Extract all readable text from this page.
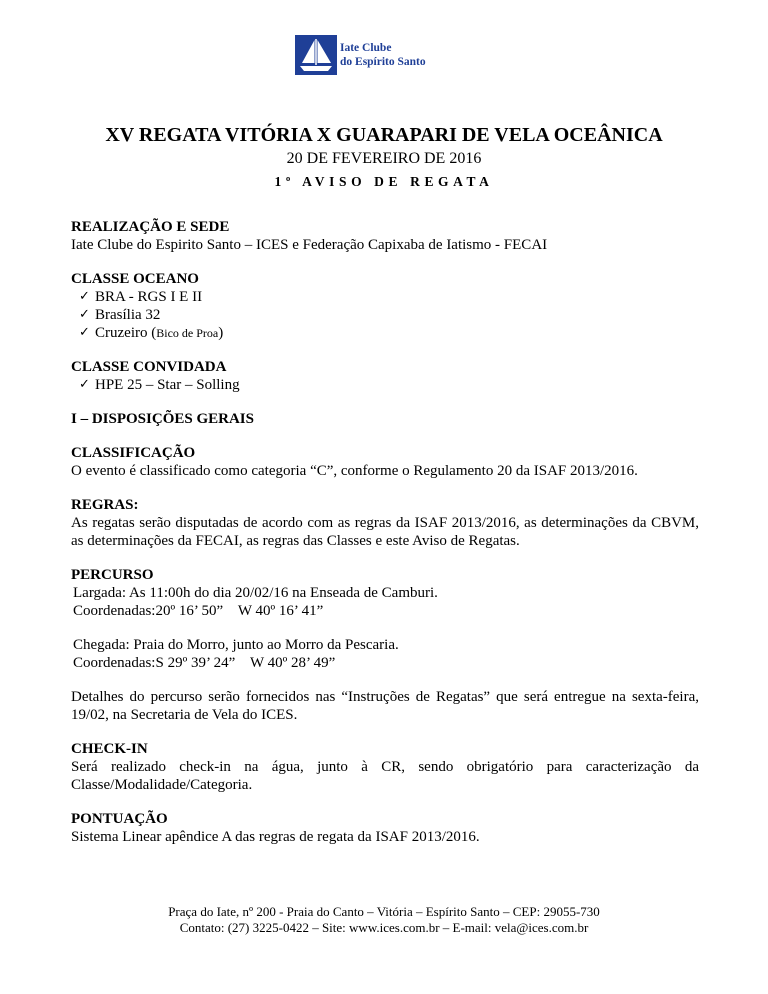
Iate Clube
do Espírito Santo
XV REGATA VITÓRIA X GUARAPARI DE VELA OCEÂNICA
20 DE FEVEREIRO DE 2016
1º AVISO DE REGATA
REALIZAÇÃO E SEDE
Iate Clube do Espirito Santo – ICES e Federação Capixaba de Iatismo - FECAI
CLASSE OCEANO
✓ BRA - RGS I E II
✓ Brasília 32
✓ Cruzeiro (Bico de Proa)
CLASSE CONVIDADA
✓ HPE 25 – Star – Solling
I – DISPOSIÇÕES GERAIS
CLASSIFICAÇÃO
O evento é classificado como categoria “C”, conforme o Regulamento 20 da ISAF 2013/2016.
REGRAS:
As regatas serão disputadas de acordo com as regras da ISAF 2013/2016, as determinações da CBVM, as determinações da FECAI, as regras das Classes e este Aviso de Regatas.
PERCURSO
Largada: As 11:00h do dia 20/02/16 na Enseada de Camburi.
Coordenadas:20º 16’ 50”    W 40º 16’ 41”
Chegada: Praia do Morro, junto ao Morro da Pescaria.
Coordenadas:S 29º 39’ 24”    W 40º 28’ 49”
Detalhes do percurso serão fornecidos nas “Instruções de Regatas” que será entregue na sexta-feira, 19/02, na Secretaria de Vela do ICES.
CHECK-IN
Será realizado check-in na água, junto à CR, sendo obrigatório para caracterização da Classe/Modalidade/Categoria.
PONTUAÇÃO
Sistema Linear apêndice A das regras de regata da ISAF 2013/2016.
Praça do Iate, nº 200 - Praia do Canto – Vitória – Espírito Santo – CEP: 29055-730
Contato: (27) 3225-0422 – Site: www.ices.com.br – E-mail: vela@ices.com.br
